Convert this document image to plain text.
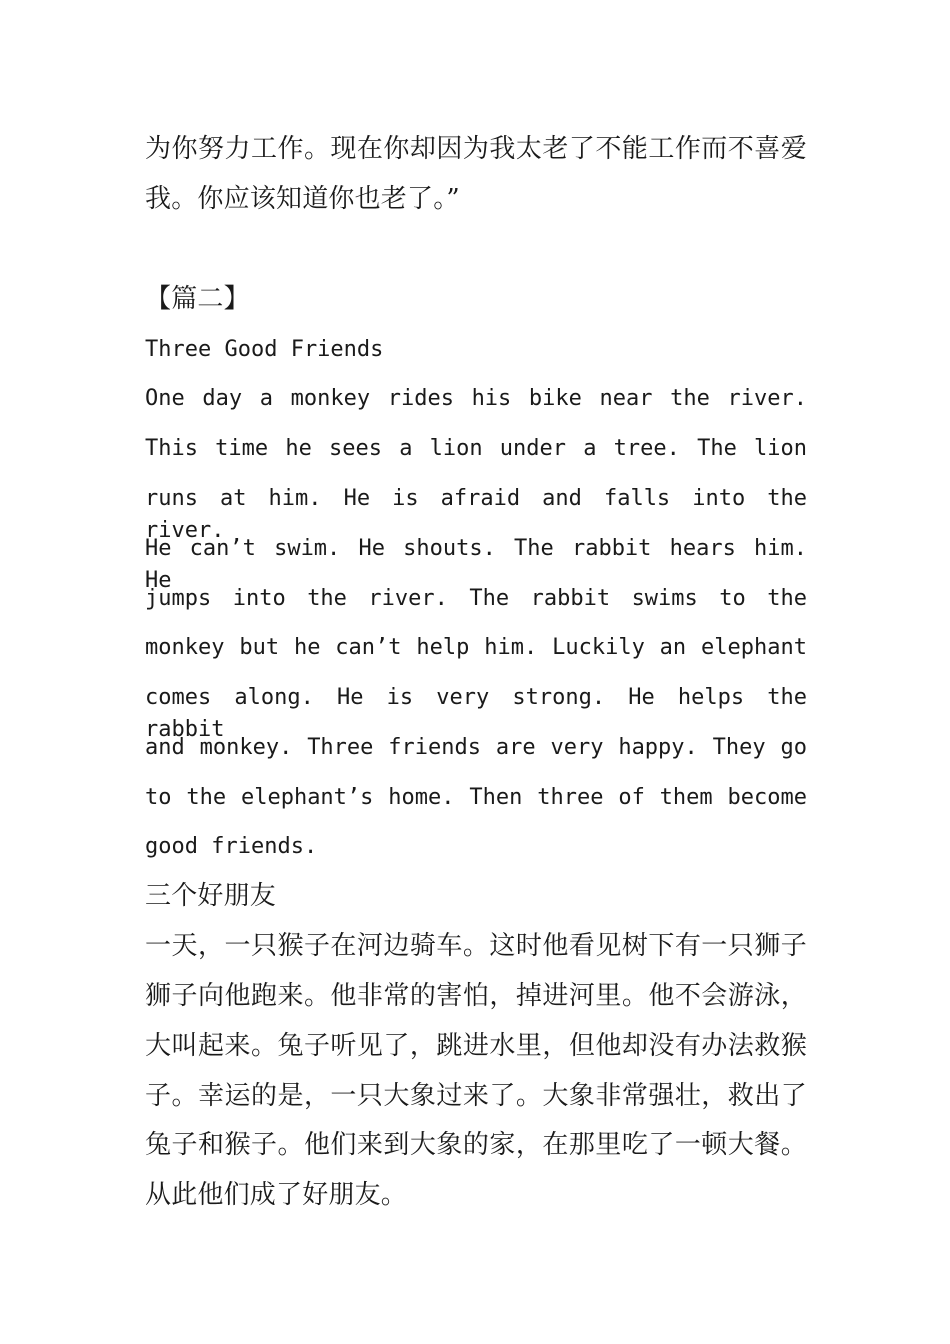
为你努力工作。现在你却因为我太老了不能工作而不喜爱

我。你应该知道你也老了。”

【篇二】

Three Good Friends

One day a monkey rides his bike near the river.

This time he sees a lion under a tree. The lion

runs at him. He is afraid and falls into the river.

He can’t swim. He shouts. The rabbit hears him. He

jumps into the river. The rabbit swims to the

monkey but he can’t help him. Luckily an elephant

comes along. He is very strong. He helps the rabbit

and monkey. Three friends are very happy. They go

to the elephant’s home. Then three of them become

good friends.

三个好朋友

一天，一只猴子在河边骑车。这时他看见树下有一只狮子

狮子向他跑来。他非常的害怕，掉进河里。他不会游泳，

大叫起来。兔子听见了，跳进水里，但他却没有办法救猴

子。幸运的是，一只大象过来了。大象非常强壮，救出了

兔子和猴子。他们来到大象的家，在那里吃了一顿大餐。

从此他们成了好朋友。
